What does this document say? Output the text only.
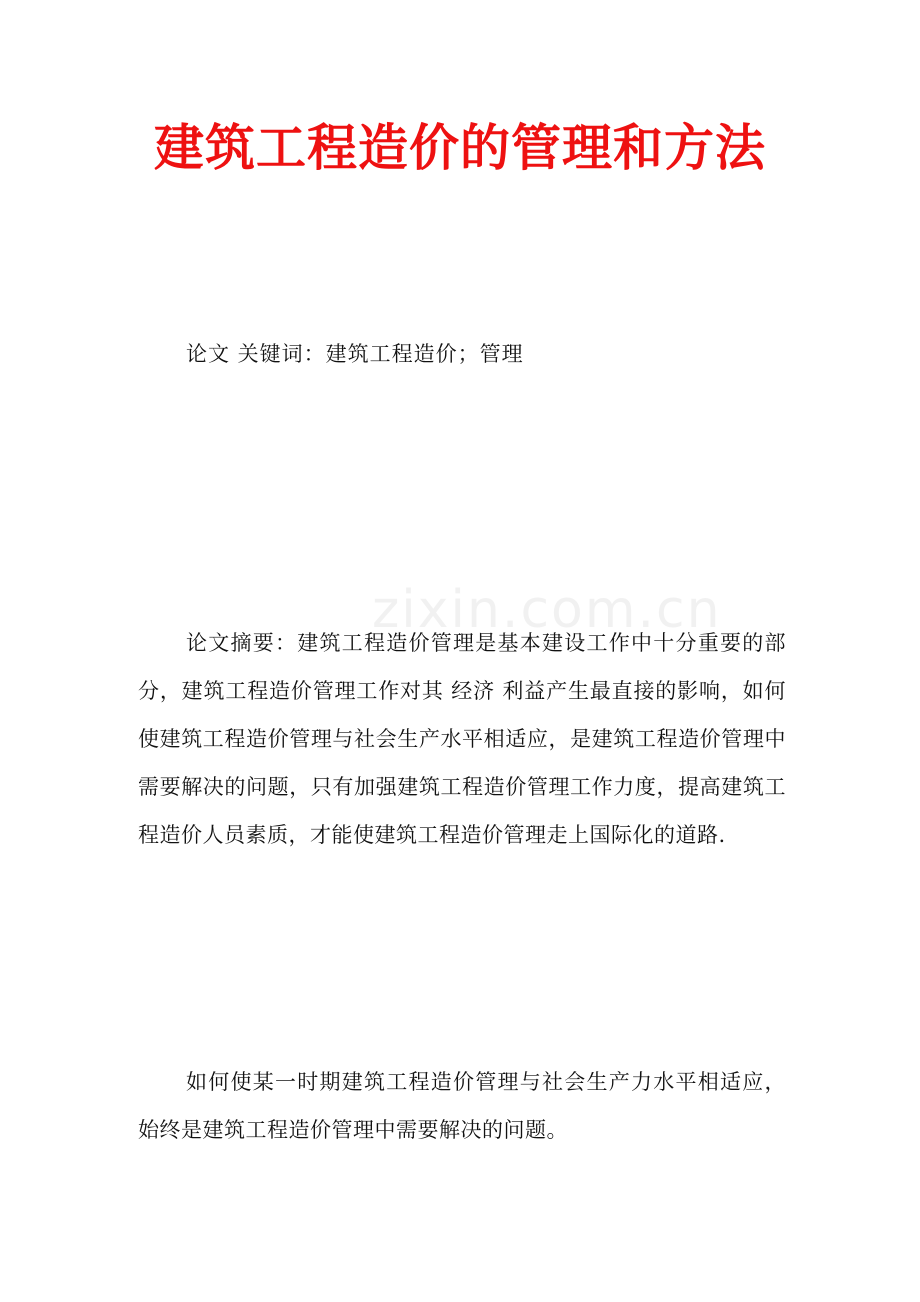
zixin.com.cn
建筑工程造价的管理和方法
论文 关键词：建筑工程造价；管理

论文摘要：建筑工程造价管理是基本建设工作中十分重要的部分，建筑工程造价管理工作对其 经济 利益产生最直接的影响，如何使建筑工程造价管理与社会生产水平相适应，是建筑工程造价管理中需要解决的问题，只有加强建筑工程造价管理工作力度，提高建筑工程造价人员素质，才能使建筑工程造价管理走上国际化的道路.

如何使某一时期建筑工程造价管理与社会生产力水平相适应，始终是建筑工程造价管理中需要解决的问题。
